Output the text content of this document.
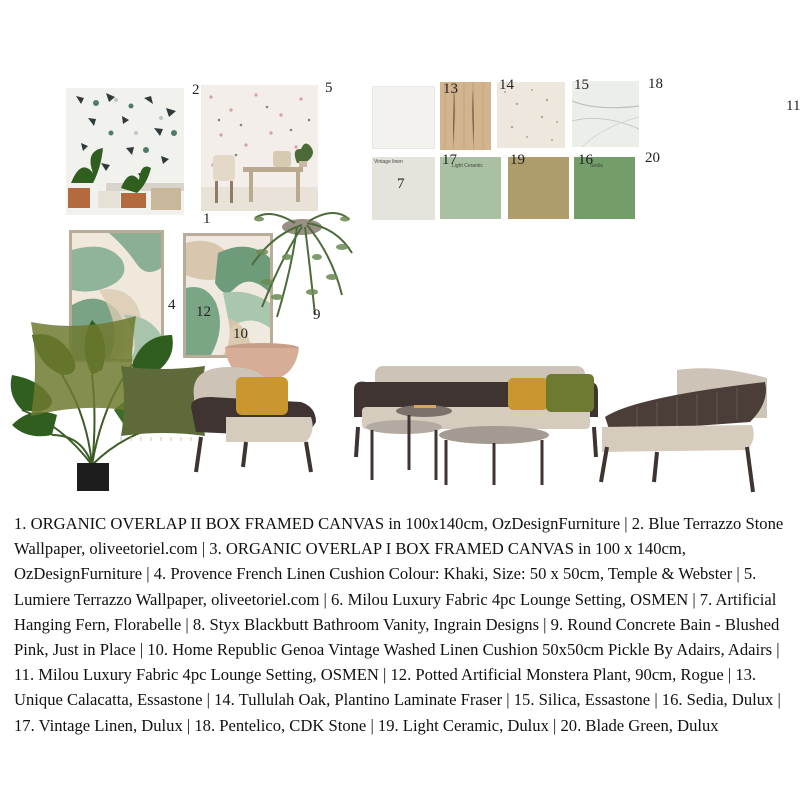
Vintage linen
Light Ceramic	Sedia
1
2
4
5
7
9
10
11
12
13	14	15
16
17
18
19	20

1. ORGANIC OVERLAP II BOX FRAMED CANVAS in 100x140cm, OzDesignFurniture | 2. Blue Terrazzo Stone Wallpaper, oliveetoriel.com | 3. ORGANIC OVERLAP I BOX FRAMED CANVAS in 100 x 140cm, OzDesignFurniture | 4. Provence French Linen Cushion Colour: Khaki, Size: 50 x 50cm, Temple & Webster | 5. Lumiere Terrazzo Wallpaper, oliveetoriel.com | 6. Milou Luxury Fabric 4pc Lounge Setting, OSMEN | 7. Artificial Hanging Fern, Florabelle | 8. Styx Blackbutt Bathroom Vanity, Ingrain Designs | 9. Round Concrete Bain - Blushed Pink, Just in Place | 10. Home Republic Genoa Vintage Washed Linen Cushion 50x50cm Pickle By Adairs, Adairs | 11. Milou Luxury Fabric 4pc Lounge Setting, OSMEN | 12. Potted Artificial Monstera Plant, 90cm, Rogue | 13. Unique Calacatta, Essastone | 14. Tullulah Oak, Plantino Laminate Fraser | 15. Silica, Essastone | 16. Sedia, Dulux | 17. Vintage Linen, Dulux | 18. Pentelico, CDK Stone | 19. Light Ceramic, Dulux | 20. Blade Green, Dulux
